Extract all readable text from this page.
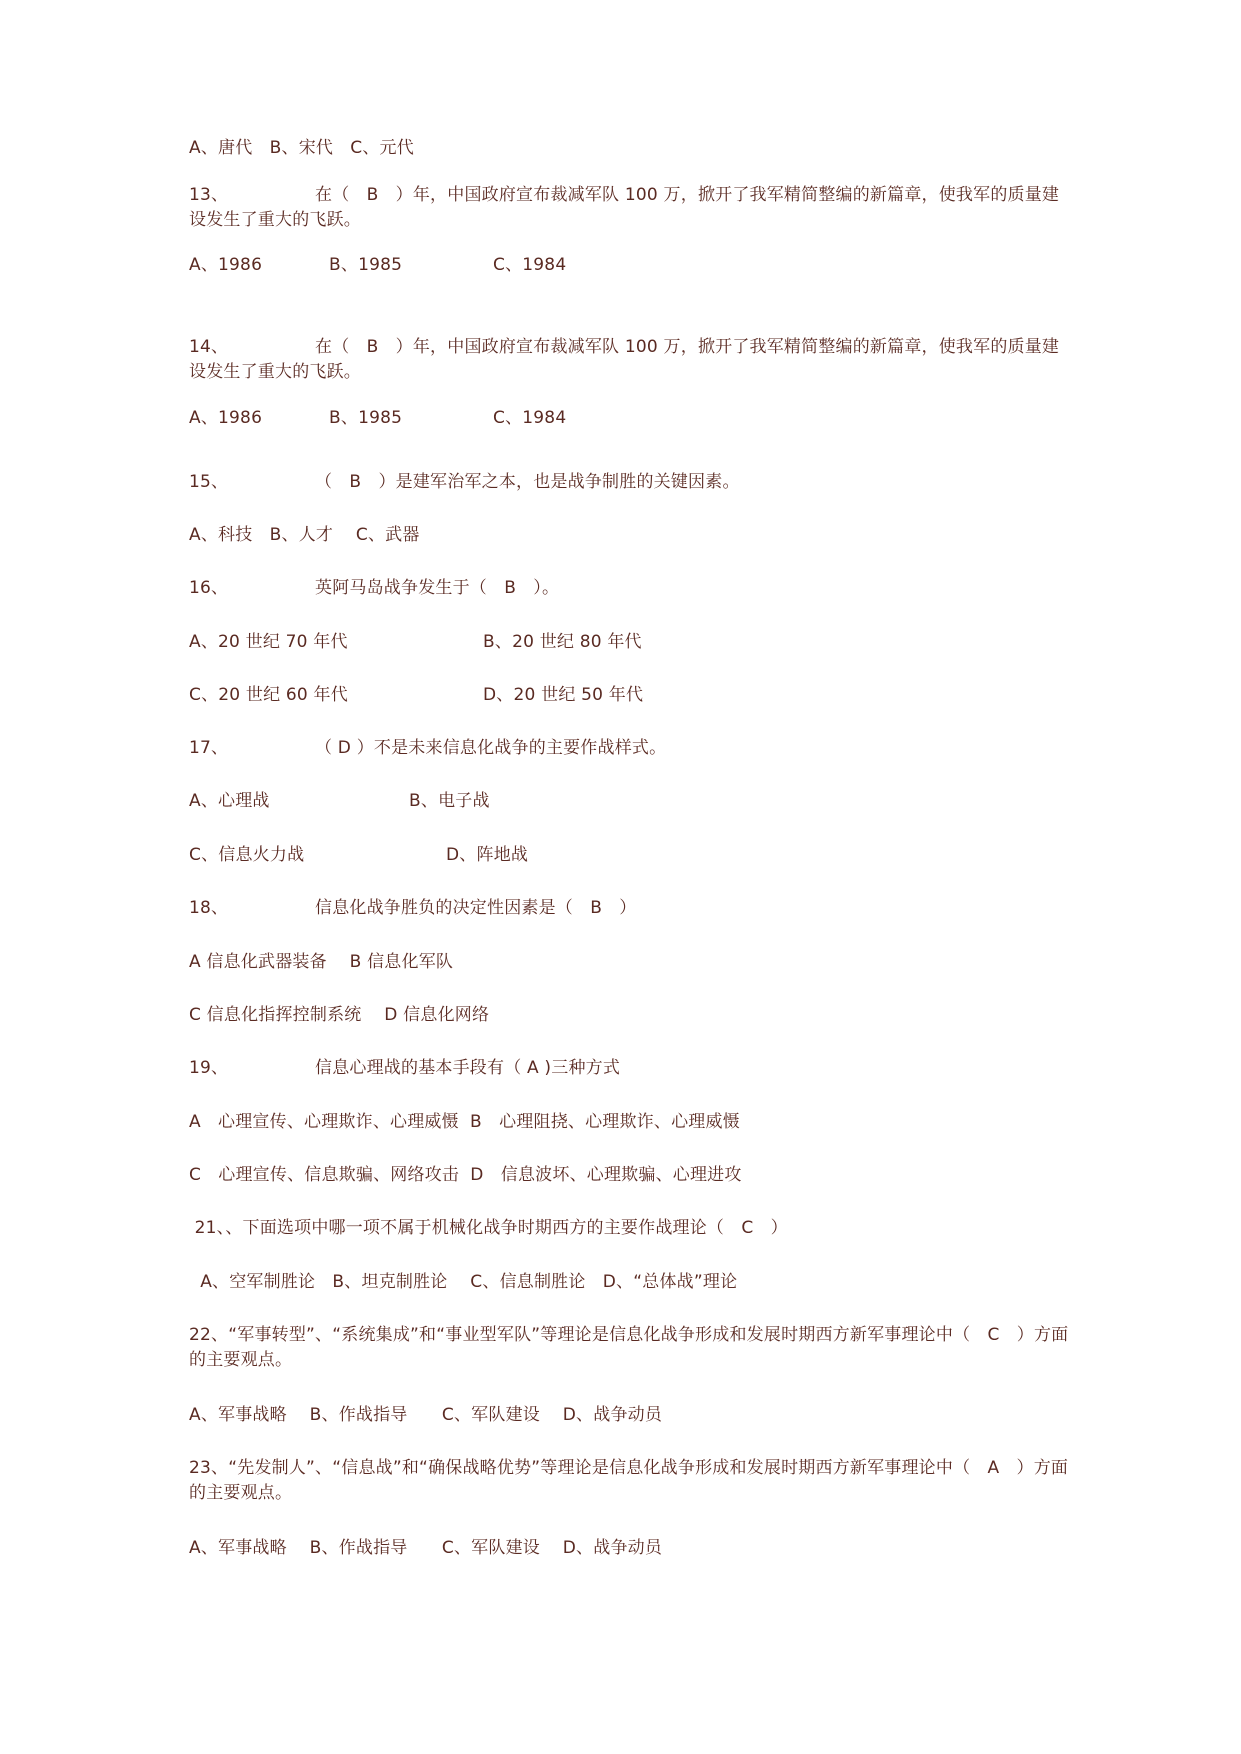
A、唐代　B、宋代　C、元代
13、	在（　B　）年，中国政府宣布裁减军队 100 万，掀开了我军精简整编的新篇章，使我军的质量建设发生了重大的飞跃。
A、1986	B、1985	C、1984
14、	在（　B　）年，中国政府宣布裁减军队 100 万，掀开了我军精简整编的新篇章，使我军的质量建设发生了重大的飞跃。
A、1986	B、1985	C、1984
15、	（　B　）是建军治军之本，也是战争制胜的关键因素。
A、科技　B、人才　 C、武器
16、	英阿马岛战争发生于（　B　）。
A、20 世纪 70 年代	B、20 世纪 80 年代
C、20 世纪 60 年代	D、20 世纪 50 年代
17、	（ D ）不是未来信息化战争的主要作战样式。
A、心理战	B、电子战
C、信息火力战	D、阵地战
18、	信息化战争胜负的决定性因素是（　B　）
A 信息化武器装备　 B 信息化军队
C 信息化指挥控制系统　 D 信息化网络
19、	信息心理战的基本手段有（ A )三种方式
A　心理宣传、心理欺诈、心理威慑  B　心理阻挠、心理欺诈、心理威慑
C　心理宣传、信息欺骗、网络攻击  D　信息波坏、心理欺骗、心理进攻
21、、下面选项中哪一项不属于机械化战争时期西方的主要作战理论（　C　）
A、空军制胜论　B、坦克制胜论　 C、信息制胜论　D、“总体战”理论
22、“军事转型”、“系统集成”和“事业型军队”等理论是信息化战争形成和发展时期西方新军事理论中（　C　）方面的主要观点。
A、军事战略　 B、作战指导　　C、军队建设　 D、战争动员
23、“先发制人”、“信息战”和“确保战略优势”等理论是信息化战争形成和发展时期西方新军事理论中（　A　）方面的主要观点。
A、军事战略　 B、作战指导　　C、军队建设　 D、战争动员
